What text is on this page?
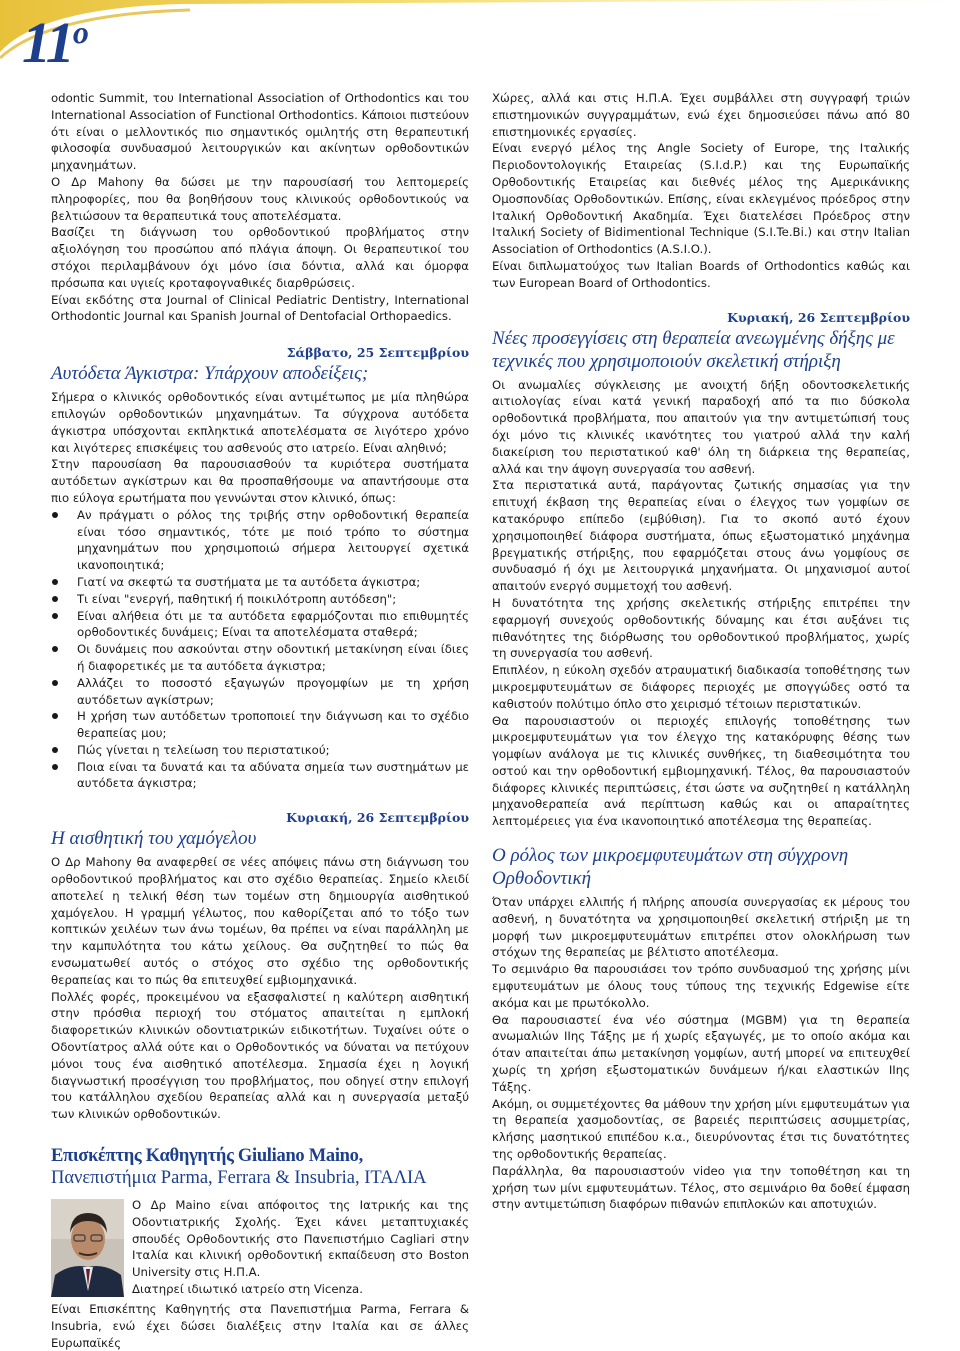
$11^o$

odontic Summit, του International Association of Orthodontics και του International Association of Functional Orthodontics. Κάποιοι πιστεύουν ότι είναι ο μελλοντικός πιο σημαντικός ομιλητής στη θεραπευτική φιλοσοφία συνδυασμού λειτουργικών και ακίνητων ορθοδοντικών μηχανημάτων.

Ο Δρ Mahony θα δώσει με την παρουσίασή του λεπτομερείς πληροφορίες, που θα βοηθήσουν τους κλινικούς ορθοδοντικούς να βελτιώσουν τα θεραπευτικά τους αποτελέσματα.

Βασίζει τη διάγνωση του ορθοδοντικού προβλήματος στην αξιολόγηση του προσώπου από πλάγια άποψη. Οι θεραπευτικοί του στόχοι περιλαμβάνουν όχι μόνο ίσια δόντια, αλλά και όμορφα πρόσωπα και υγιείς κροταφογναθικές διαρθρώσεις.

Είναι εκδότης στα Journal of Clinical Pediatric Dentistry, International Orthodontic Journal και Spanish Journal of Dentofacial Orthopaedics.

Σάββατο, 25 Σεπτεμβρίου
Αυτόδετα Άγκιστρα: Υπάρχουν αποδείξεις;

Σήμερα ο κλινικός ορθοδοντικός είναι αντιμέτωπος με μία πληθώρα επιλογών ορθοδοντικών μηχανημάτων. Τα σύγχρονα αυτόδετα άγκιστρα υπόσχονται εκπληκτικά αποτελέσματα σε λιγότερο χρόνο και λιγότερες επισκέψεις του ασθενούς στο ιατρείο. Είναι αληθινό;

Στην παρουσίαση θα παρουσιασθούν τα κυριότερα συστήματα αυτόδετων αγκίστρων και θα προσπαθήσουμε να απαντήσουμε στα πιο εύλογα ερωτήματα που γεννώνται στον κλινικό, όπως:

Αν πράγματι ο ρόλος της τριβής στην ορθοδοντική θεραπεία είναι τόσο σημαντικός, τότε με ποιό τρόπο το σύστημα μηχανημάτων που χρησιμοποιώ σήμερα λειτουργεί σχετικά ικανοποιητικά;
Γιατί να σκεφτώ τα συστήματα με τα αυτόδετα άγκιστρα;
Τι είναι "ενεργή, παθητική ή ποικιλότροπη αυτόδεση";
Είναι αλήθεια ότι με τα αυτόδετα εφαρμόζονται πιο επιθυμητές ορθοδοντικές δυνάμεις; Είναι τα αποτελέσματα σταθερά;
Οι δυνάμεις που ασκούνται στην οδοντική μετακίνηση είναι ίδιες ή διαφορετικές με τα αυτόδετα άγκιστρα;
Αλλάζει το ποσοστό εξαγωγών προγομφίων με τη χρήση αυτόδετων αγκίστρων;
Η χρήση των αυτόδετων τροποποιεί την διάγνωση και το σχέδιο θεραπείας μου;
Πώς γίνεται η τελείωση του περιστατικού;
Ποια είναι τα δυνατά και τα αδύνατα σημεία των συστημάτων με αυτόδετα άγκιστρα;
Κυριακή, 26 Σεπτεμβρίου
Η αισθητική του χαμόγελου

Ο Δρ Mahony θα αναφερθεί σε νέες απόψεις πάνω στη διάγνωση του ορθοδοντικού προβλήματος και στο σχέδιο θεραπείας. Σημείο κλειδί αποτελεί η τελική θέση των τομέων στη δημιουργία αισθητικού χαμόγελου. Η γραμμή γέλωτος, που καθορίζεται από το τόξο των κοπτικών χειλέων των άνω τομέων, θα πρέπει να είναι παράλληλη με την καμπυλότητα του κάτω χείλους. Θα συζητηθεί το πώς θα ενσωματωθεί αυτός ο στόχος στο σχέδιο της ορθοδοντικής θεραπείας και το πώς θα επιτευχθεί εμβιομηχανικά.

Πολλές φορές, προκειμένου να εξασφαλιστεί η καλύτερη αισθητική στην πρόσθια περιοχή του στόματος απαιτείται η εμπλοκή διαφορετικών κλινικών οδοντιατρικών ειδικοτήτων. Τυχαίνει ούτε ο Οδοντίατρος αλλά ούτε και ο Ορθοδοντικός να δύναται να πετύχουν μόνοι τους ένα αισθητικό αποτέλεσμα. Σημασία έχει η λογική διαγνωστική προσέγγιση του προβλήματος, που οδηγεί στην επιλογή του κατάλληλου σχεδίου θεραπείας αλλά και η συνεργασία μεταξύ των κλινικών ορθοδοντικών.

Επισκέπτης Καθηγητής Giuliano Maino, Πανεπιστήμια Parma, Ferrara & Insubria, ΙΤΑΛΙΑ

Ο Δρ Maino είναι απόφοιτος της Ιατρικής και της Οδοντιατρικής Σχολής. Έχει κάνει μεταπτυχιακές σπουδές Ορθοδοντικής στο Πανεπιστήμιο Cagliari στην Ιταλία και κλινική ορθοδοντική εκπαίδευση στο Boston University στις Η.Π.Α.

Διατηρεί ιδιωτικό ιατρείο στη Vicenza.

Είναι Επισκέπτης Καθηγητής στα Πανεπιστήμια Parma, Ferrara & Insubria, ενώ έχει δώσει διαλέξεις στην Ιταλία και σε άλλες Ευρωπαϊκές

Χώρες, αλλά και στις Η.Π.Α. Έχει συμβάλλει στη συγγραφή τριών επιστημονικών συγγραμμάτων, ενώ έχει δημοσιεύσει πάνω από 80 επιστημονικές εργασίες.

Είναι ενεργό μέλος της Angle Society of Europe, της Ιταλικής Περιοδοντολογικής Εταιρείας (S.I.d.P.) και της Ευρωπαϊκής Ορθοδοντικής Εταιρείας και διεθνές μέλος της Αμερικάνικης Ομοσπονδίας Ορθοδοντικών. Επίσης, είναι εκλεγμένος πρόεδρος στην Ιταλική Ορθοδοντική Ακαδημία. Έχει διατελέσει Πρόεδρος στην Ιταλική Society of Bidimentional Technique (S.I.Te.Bi.) και στην Italian Association of Orthodontics (A.S.I.O.).

Είναι διπλωματούχος των Italian Boards of Orthodontics καθώς και των European Board of Orthodontics.

Κυριακή, 26 Σεπτεμβρίου
Νέες προσεγγίσεις στη θεραπεία ανεωγμένης δήξης με τεχνικές που χρησιμοποιούν σκελετική στήριξη

Οι ανωμαλίες σύγκλεισης με ανοιχτή δήξη οδοντοσκελετικής αιτιολογίας είναι κατά γενική παραδοχή από τα πιο δύσκολα ορθοδοντικά προβλήματα, που απαιτούν για την αντιμετώπισή τους όχι μόνο τις κλινικές ικανότητες του γιατρού αλλά την καλή διακείριση του περιστατικού καθ' όλη τη διάρκεια της θεραπείας, αλλά και την άψογη συνεργασία του ασθενή.

Στα περιστατικά αυτά, παράγοντας ζωτικής σημασίας για την επιτυχή έκβαση της θεραπείας είναι ο έλεγχος των γομφίων σε κατακόρυφο επίπεδο (εμβύθιση). Για το σκοπό αυτό έχουν χρησιμοποιηθεί διάφορα συστήματα, όπως εξωστοματικό μηχάνημα βρεγματικής στήριξης, που εφαρμόζεται στους άνω γομφίους σε συνδυασμό ή όχι με λειτουργικά μηχανήματα. Οι μηχανισμοί αυτοί απαιτούν ενεργό συμμετοχή του ασθενή.

Η δυνατότητα της χρήσης σκελετικής στήριξης επιτρέπει την εφαρμογή συνεχούς ορθοδοντικής δύναμης και έτσι αυξάνει τις πιθανότητες της διόρθωσης του ορθοδοντικού προβλήματος, χωρίς τη συνεργασία του ασθενή.

Επιπλέον, η εύκολη σχεδόν ατραυματική διαδικασία τοποθέτησης των μικροεμφυτευμάτων σε διάφορες περιοχές με σπογγώδες οστό τα καθιστούν πολύτιμο όπλο στο χειρισμό τέτοιων περιστατικών.

Θα παρουσιαστούν οι περιοχές επιλογής τοποθέτησης των μικροεμφυτευμάτων για τον έλεγχο της κατακόρυφης θέσης των γομφίων ανάλογα με τις κλινικές συνθήκες, τη διαθεσιμότητα του οστού και την ορθοδοντική εμβιομηχανική. Τέλος, θα παρουσιαστούν διάφορες κλινικές περιπτώσεις, έτσι ώστε να συζητηθεί η κατάλληλη μηχανοθεραπεία ανά περίπτωση καθώς και οι απαραίτητες λεπτομέρειες για ένα ικανοποιητικό αποτέλεσμα της θεραπείας.

Ο ρόλος των μικροεμφυτευμάτων στη σύγχρονη Ορθοδοντική

Όταν υπάρχει ελλιπής ή πλήρης απουσία συνεργασίας εκ μέρους του ασθενή, η δυνατότητα να χρησιμοποιηθεί σκελετική στήριξη με τη μορφή των μικροεμφυτευμάτων επιτρέπει στον ολοκλήρωση των στόχων της θεραπείας με βέλτιστο αποτέλεσμα.

Το σεμινάριο θα παρουσιάσει τον τρόπο συνδυασμού της χρήσης μίνι εμφυτευμάτων με όλους τους τύπους της τεχνικής Edgewise είτε ακόμα και με πρωτόκολλο.

Θα παρουσιαστεί ένα νέο σύστημα (MGBM) για τη θεραπεία ανωμαλιών ΙΙης Τάξης με ή χωρίς εξαγωγές, με το οποίο ακόμα και όταν απαιτείται άπω μετακίνηση γομφίων, αυτή μπορεί να επιτευχθεί χωρίς τη χρήση εξωστοματικών δυνάμεων ή/και ελαστικών ΙΙης Τάξης.

Ακόμη, οι συμμετέχοντες θα μάθουν την χρήση μίνι εμφυτευμάτων για τη θεραπεία χασμοδοντίας, σε βαρειές περιπτώσεις ασυμμετρίας, κλήσης μασητικού επιπέδου κ.α., διευρύνοντας έτσι τις δυνατότητες της ορθοδοντικής θεραπείας.

Παράλληλα, θα παρουσιαστούν video για την τοποθέτηση και τη χρήση των μίνι εμφυτευμάτων. Τέλος, στο σεμινάριο θα δοθεί έμφαση στην αντιμετώπιση διαφόρων πιθανών επιπλοκών και αποτυχιών.
